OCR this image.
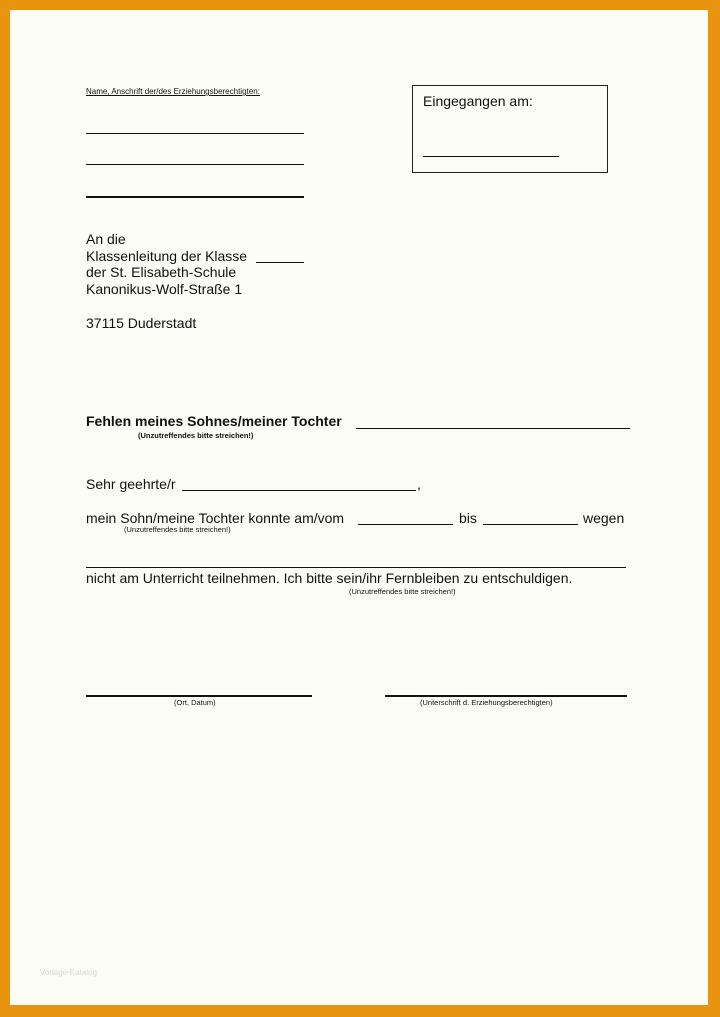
Name, Anschrift der/des Erziehungsberechtigten:
Eingegangen am:
An die
Klassenleitung der Klasse
der St. Elisabeth-Schule
Kanonikus-Wolf-Straße 1
37115 Duderstadt
Fehlen meines Sohnes/meiner Tochter
(Unzutreffendes bitte streichen!)
Sehr geehrte/r	,
mein Sohn/meine Tochter konnte am/vom	bis	wegen
(Unzutreffendes bitte streichen!)
nicht am Unterricht teilnehmen. Ich bitte sein/ihr Fernbleiben zu entschuldigen.
(Unzutreffendes bitte streichen!)
(Ort, Datum)	(Unterschrift d. Erziehungsberechtigten)
Vorlage-Katalog
